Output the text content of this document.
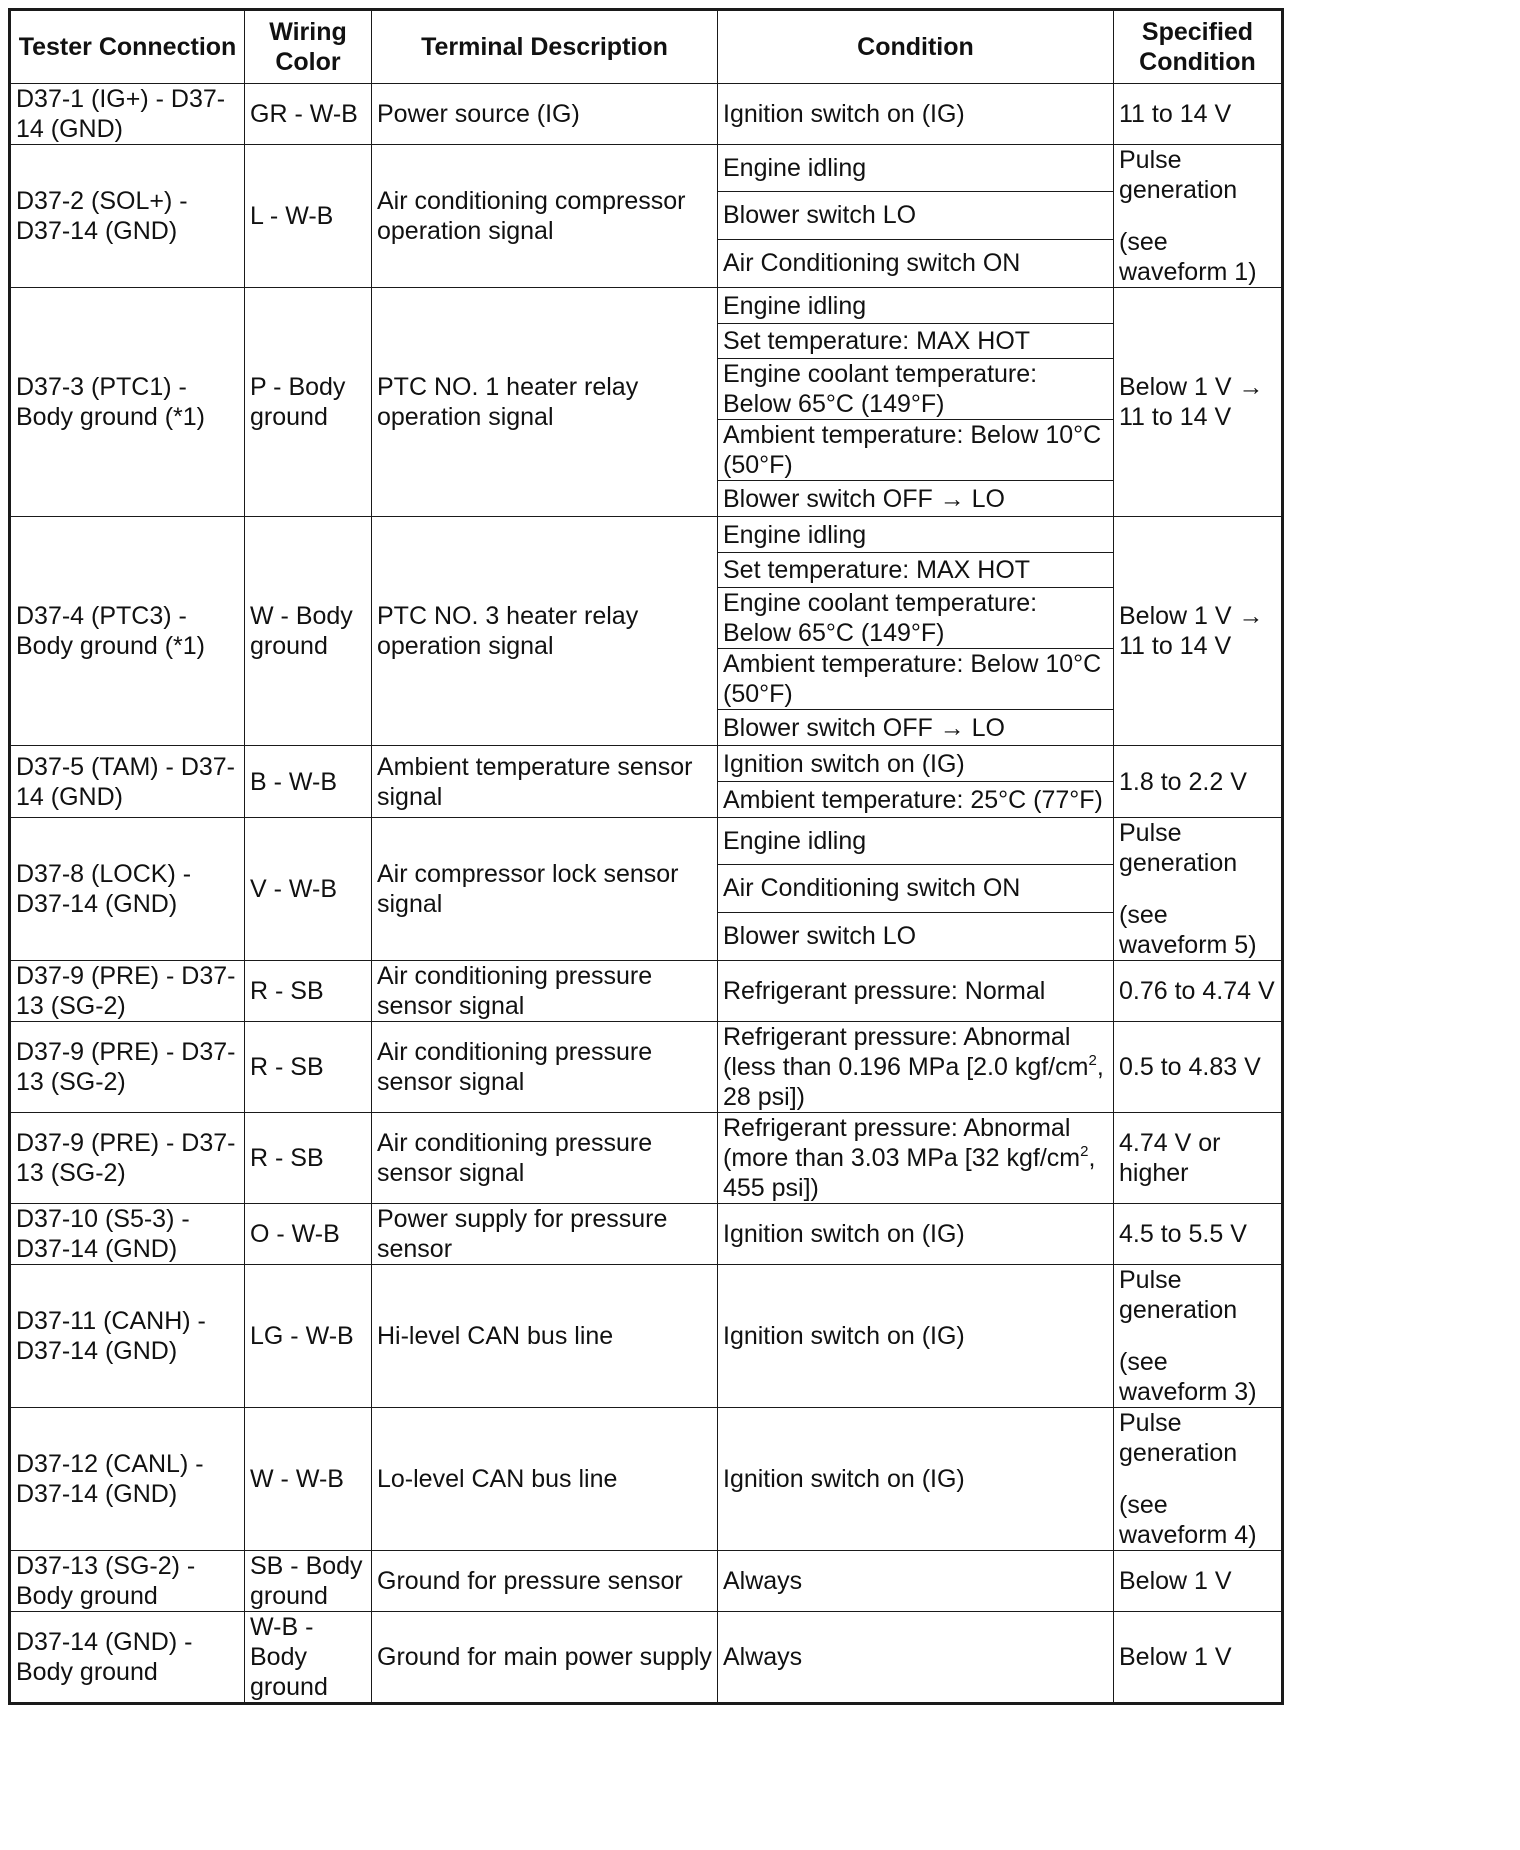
Tester Connection	Wiring Color	Terminal Description	Condition	Specified Condition
D37-1 (IG+) - D37-14 (GND)	GR - W-B	Power source (IG)	Ignition switch on (IG)	11 to 14 V

D37-2 (SOL+) - D37-14 (GND)	L - W-B	Air conditioning compressor operation signal	Engine idling	Pulse generation
(see waveform 1)

			Blower switch LO	
			Air Conditioning switch ON	
D37-3 (PTC1) - Body ground (*1)	P - Body ground	PTC NO. 1 heater relay operation signal	Engine idling	Below 1 V → 11 to 14 V

			Set temperature: MAX HOT	
			Engine coolant temperature: Below 65°C (149°F)	
			Ambient temperature: Below 10°C (50°F)	
			Blower switch OFF → LO	
D37-4 (PTC3) - Body ground (*1)	W - Body ground	PTC NO. 3 heater relay operation signal	Engine idling	Below 1 V → 11 to 14 V

			Set temperature: MAX HOT	
			Engine coolant temperature: Below 65°C (149°F)	
			Ambient temperature: Below 10°C (50°F)	
			Blower switch OFF → LO	
D37-5 (TAM) - D37-14 (GND)	B - W-B	Ambient temperature sensor signal	Ignition switch on (IG)	1.8 to 2.2 V

			Ambient temperature: 25°C (77°F)	
D37-8 (LOCK) - D37-14 (GND)	V - W-B	Air compressor lock sensor signal	Engine idling	Pulse generation
(see waveform 5)

			Air Conditioning switch ON	
			Blower switch LO	
D37-9 (PRE) - D37-13 (SG-2)	R - SB	Air conditioning pressure sensor signal	Refrigerant pressure: Normal	0.76 to 4.74 V

D37-9 (PRE) - D37-13 (SG-2)	R - SB	Air conditioning pressure sensor signal	Refrigerant pressure: Abnormal (less than 0.196 MPa [2.0 kgf/$cm^2$, 28 psi])	0.5 to 4.83 V

D37-9 (PRE) - D37-13 (SG-2)	R - SB	Air conditioning pressure sensor signal	Refrigerant pressure: Abnormal (more than 3.03 MPa [32 kgf/$cm^2$, 455 psi])	4.74 V or higher

D37-10 (S5-3) - D37-14 (GND)	O - W-B	Power supply for pressure sensor	Ignition switch on (IG)	4.5 to 5.5 V

D37-11 (CANH) - D37-14 (GND)	LG - W-B	Hi-level CAN bus line	Ignition switch on (IG)	Pulse generation
(see waveform 3)

D37-12 (CANL) - D37-14 (GND)	W - W-B	Lo-level CAN bus line	Ignition switch on (IG)	Pulse generation
(see waveform 4)

D37-13 (SG-2) - Body ground	SB - Body ground	Ground for pressure sensor	Always	Below 1 V

D37-14 (GND) - Body ground	W-B - Body ground	Ground for main power supply	Always	Below 1 V
